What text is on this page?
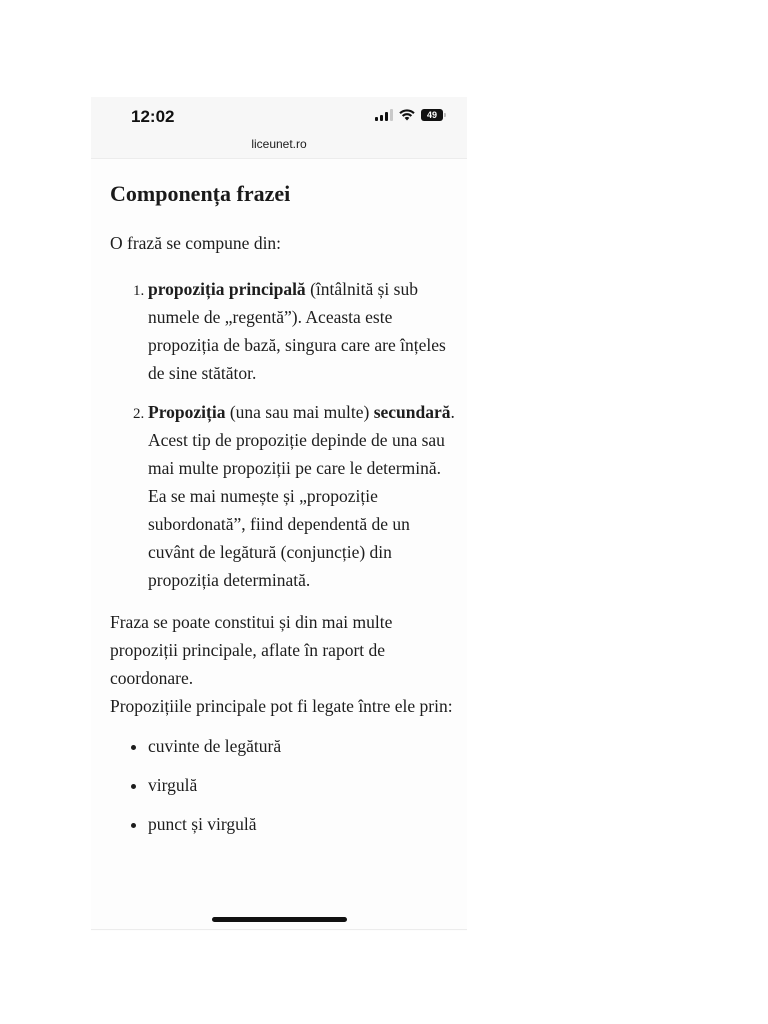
12:02	49
liceunet.ro
Componența frazei

O frază se compune din:

1. propoziția principală (întâlnită și sub numele de „regentă”). Aceasta este propoziția de bază, singura care are înțeles de sine stătător.
2. Propoziția (una sau mai multe) secundară. Acest tip de propoziție depinde de una sau mai multe propoziții pe care le determină. Ea se mai numește și „propoziție subordonată”, fiind dependentă de un cuvânt de legătură (conjuncție) din propoziția determinată.

Fraza se poate constitui și din mai multe propoziții principale, aflate în raport de coordonare.

Propozițiile principale pot fi legate între ele prin:

• cuvinte de legătură
• virgulă
• punct și virgulă
